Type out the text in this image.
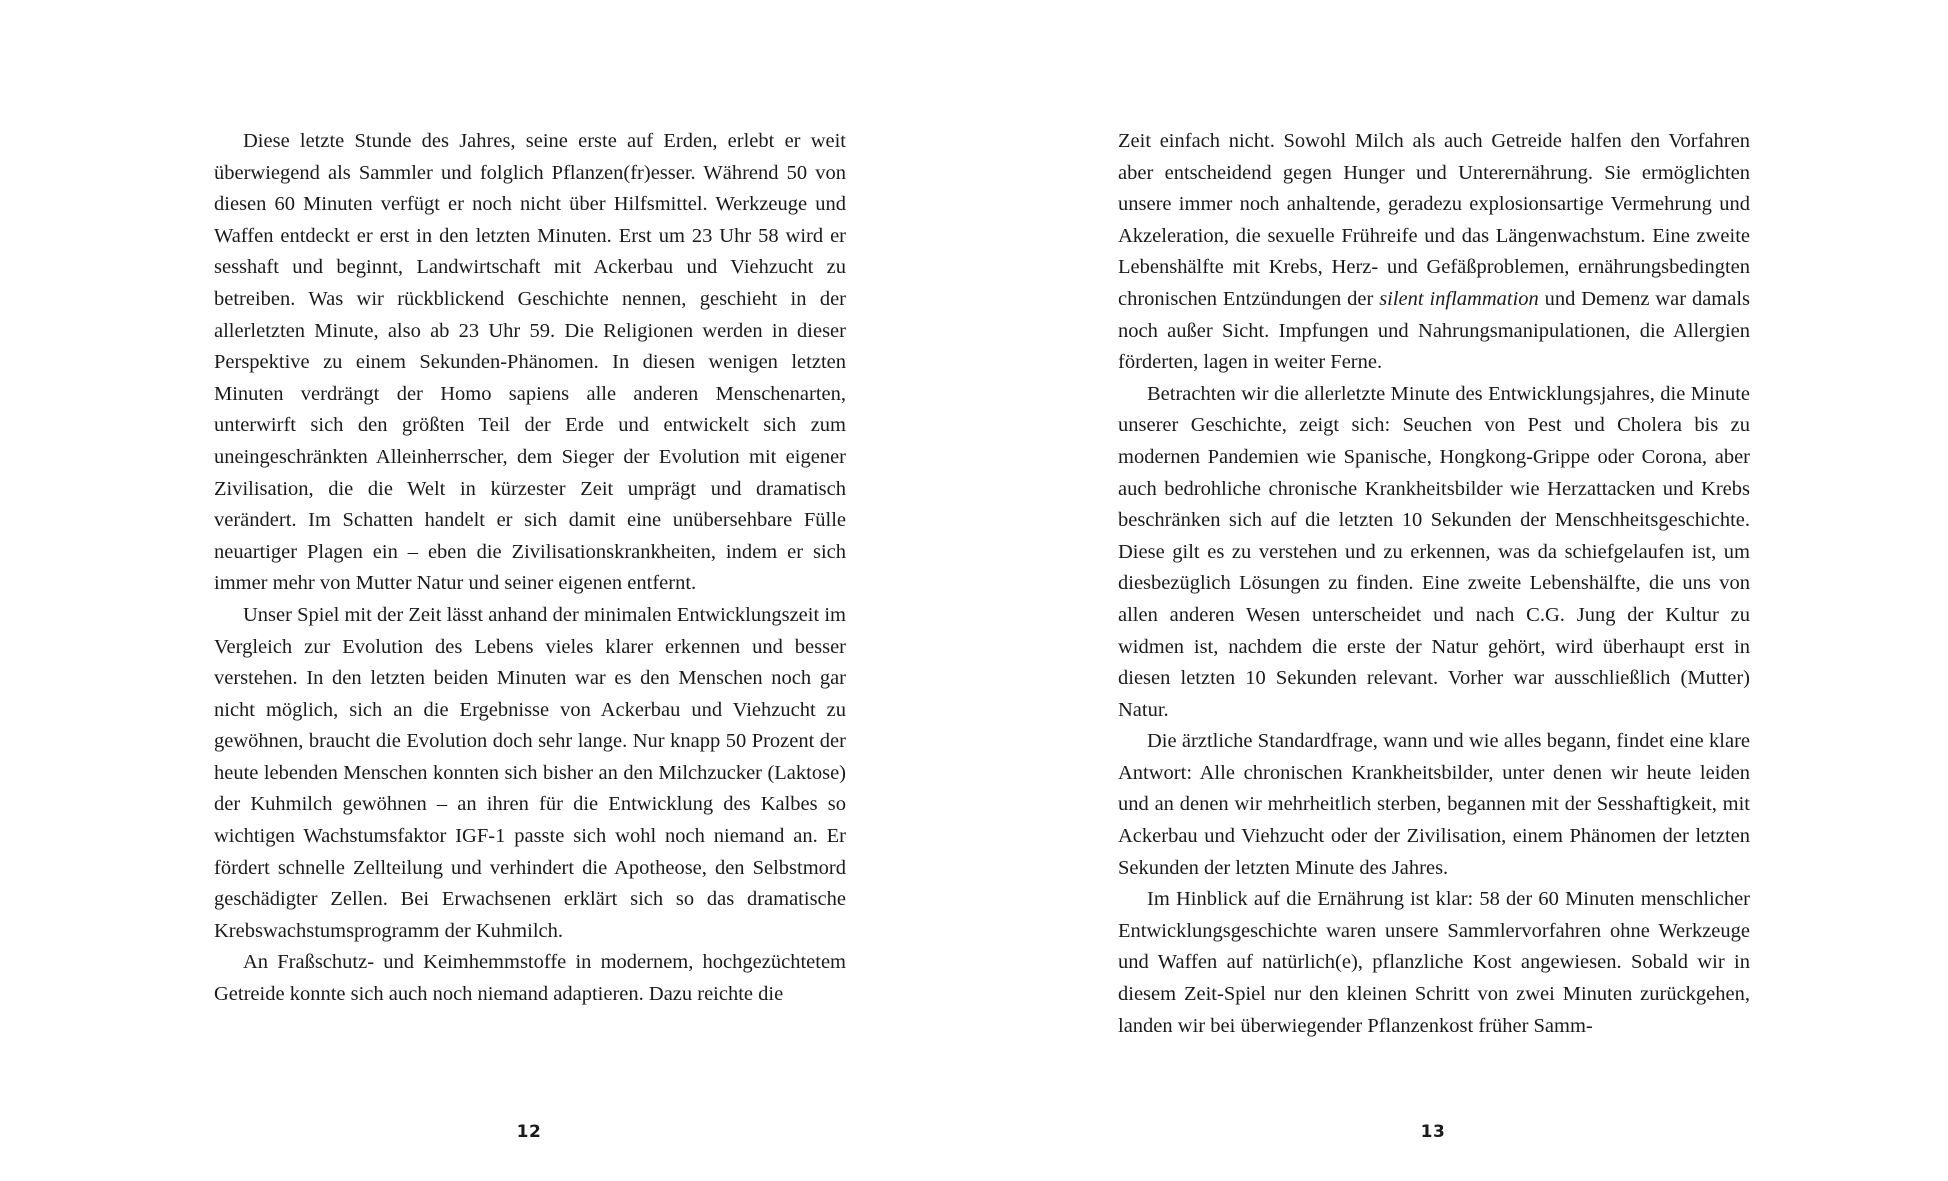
Diese letzte Stunde des Jahres, seine erste auf Erden, erlebt er weit überwiegend als Sammler und folglich Pflanzen(fr)esser. Während 50 von diesen 60 Minuten verfügt er noch nicht über Hilfsmittel. Werkzeuge und Waffen entdeckt er erst in den letzten Minuten. Erst um 23 Uhr 58 wird er sesshaft und beginnt, Landwirtschaft mit Ackerbau und Viehzucht zu betreiben. Was wir rückblickend Geschichte nennen, geschieht in der allerletzten Minute, also ab 23 Uhr 59. Die Religionen werden in dieser Perspektive zu einem Sekunden-Phänomen. In diesen wenigen letzten Minuten verdrängt der Homo sapiens alle anderen Menschenarten, unterwirft sich den größten Teil der Erde und entwickelt sich zum uneingeschränkten Alleinherrscher, dem Sieger der Evolution mit eigener Zivilisation, die die Welt in kürzester Zeit umprägt und dramatisch verändert. Im Schatten handelt er sich damit eine unübersehbare Fülle neuartiger Plagen ein – eben die Zivilisationskrankheiten, indem er sich immer mehr von Mutter Natur und seiner eigenen entfernt.

Unser Spiel mit der Zeit lässt anhand der minimalen Entwicklungszeit im Vergleich zur Evolution des Lebens vieles klarer erkennen und besser verstehen. In den letzten beiden Minuten war es den Menschen noch gar nicht möglich, sich an die Ergebnisse von Ackerbau und Viehzucht zu gewöhnen, braucht die Evolution doch sehr lange. Nur knapp 50 Prozent der heute lebenden Menschen konnten sich bisher an den Milchzucker (Laktose) der Kuhmilch gewöhnen – an ihren für die Entwicklung des Kalbes so wichtigen Wachstumsfaktor IGF-1 passte sich wohl noch niemand an. Er fördert schnelle Zellteilung und verhindert die Apotheose, den Selbstmord geschädigter Zellen. Bei Erwachsenen erklärt sich so das dramatische Krebswachstumsprogramm der Kuhmilch.

An Fraßschutz- und Keimhemmstoffe in modernem, hochgezüchtetem Getreide konnte sich auch noch niemand adaptieren. Dazu reichte die

12

Zeit einfach nicht. Sowohl Milch als auch Getreide halfen den Vorfahren aber entscheidend gegen Hunger und Unterernährung. Sie ermöglichten unsere immer noch anhaltende, geradezu explosionsartige Vermehrung und Akzeleration, die sexuelle Frühreife und das Längenwachstum. Eine zweite Lebenshälfte mit Krebs, Herz- und Gefäßproblemen, ernährungsbedingten chronischen Entzündungen der silent inflammation und Demenz war damals noch außer Sicht. Impfungen und Nahrungsmanipulationen, die Allergien förderten, lagen in weiter Ferne.

Betrachten wir die allerletzte Minute des Entwicklungsjahres, die Minute unserer Geschichte, zeigt sich: Seuchen von Pest und Cholera bis zu modernen Pandemien wie Spanische, Hongkong-Grippe oder Corona, aber auch bedrohliche chronische Krankheitsbilder wie Herzattacken und Krebs beschränken sich auf die letzten 10 Sekunden der Menschheitsgeschichte. Diese gilt es zu verstehen und zu erkennen, was da schiefgelaufen ist, um diesbezüglich Lösungen zu finden. Eine zweite Lebenshälfte, die uns von allen anderen Wesen unterscheidet und nach C.G. Jung der Kultur zu widmen ist, nachdem die erste der Natur gehört, wird überhaupt erst in diesen letzten 10 Sekunden relevant. Vorher war ausschließlich (Mutter) Natur.

Die ärztliche Standardfrage, wann und wie alles begann, findet eine klare Antwort: Alle chronischen Krankheitsbilder, unter denen wir heute leiden und an denen wir mehrheitlich sterben, begannen mit der Sesshaftigkeit, mit Ackerbau und Viehzucht oder der Zivilisation, einem Phänomen der letzten Sekunden der letzten Minute des Jahres.

Im Hinblick auf die Ernährung ist klar: 58 der 60 Minuten menschlicher Entwicklungsgeschichte waren unsere Sammlervorfahren ohne Werkzeuge und Waffen auf natürlich(e), pflanzliche Kost angewiesen. Sobald wir in diesem Zeit-Spiel nur den kleinen Schritt von zwei Minuten zurückgehen, landen wir bei überwiegender Pflanzenkost früher Samm-

13
